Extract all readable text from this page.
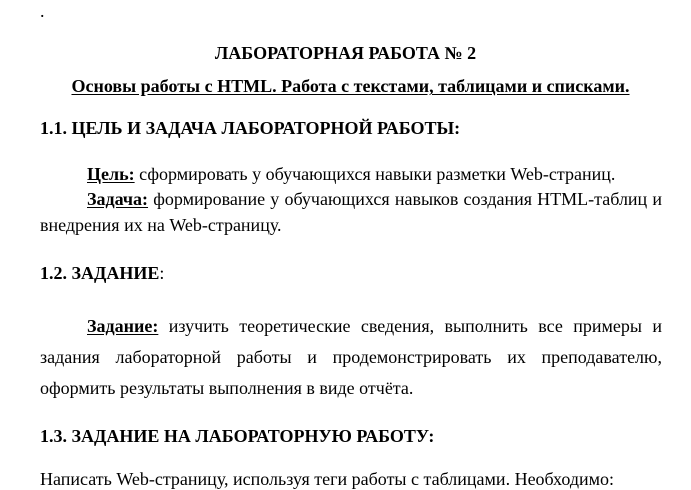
.
ЛАБОРАТОРНАЯ РАБОТА № 2
Основы работы с HTML. Работа с текстами, таблицами и списками.
1.1. ЦЕЛЬ И ЗАДАЧА ЛАБОРАТОРНОЙ РАБОТЫ:
Цель: сформировать у обучающихся навыки разметки Web-страниц.
Задача: формирование у обучающихся навыков создания HTML-таблиц и внедрения их на Web-страницу.
1.2. ЗАДАНИЕ:
Задание: изучить теоретические сведения, выполнить все примеры и задания лабораторной работы и продемонстрировать их преподавателю, оформить результаты выполнения в виде отчёта.
1.3. ЗАДАНИЕ НА ЛАБОРАТОРНУЮ РАБОТУ:
Написать Web-страницу, используя теги работы с таблицами. Необходимо:
